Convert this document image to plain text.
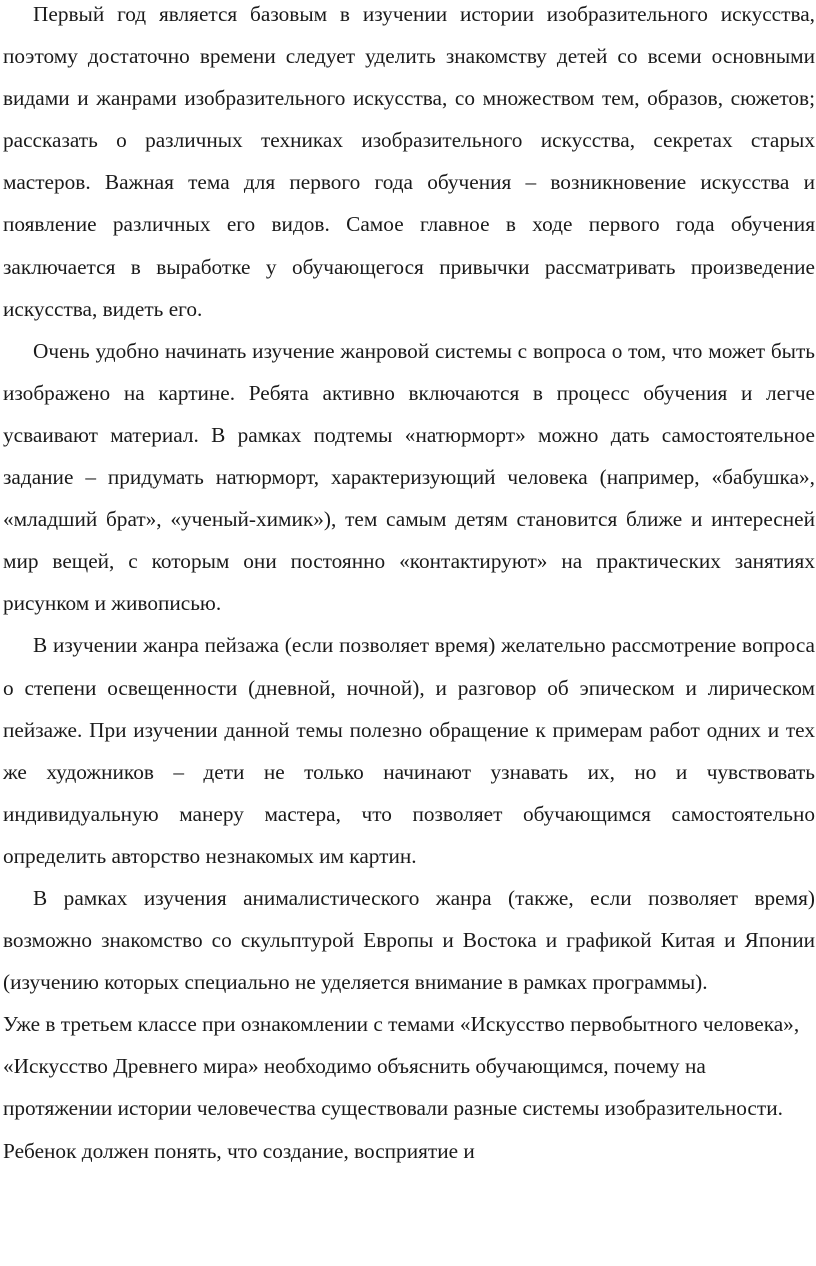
Первый год является базовым в изучении истории изобразительного искусства, поэтому достаточно времени следует уделить знакомству детей со всеми основными видами и жанрами изобразительного искусства, со множеством тем, образов, сюжетов; рассказать о различных техниках изобразительного искусства, секретах старых мастеров. Важная тема для первого года обучения – возникновение искусства и появление различных его видов. Самое главное в ходе первого года обучения заключается в выработке у обучающегося привычки рассматривать произведение искусства, видеть его.

Очень удобно начинать изучение жанровой системы с вопроса о том, что может быть изображено на картине. Ребята активно включаются в процесс обучения и легче усваивают материал. В рамках подтемы «натюрморт» можно дать самостоятельное задание – придумать натюрморт, характеризующий человека (например, «бабушка», «младший брат», «ученый-химик»), тем самым детям становится ближе и интересней мир вещей, с которым они постоянно «контактируют» на практических занятиях рисунком и живописью.

В изучении жанра пейзажа (если позволяет время) желательно рассмотрение вопроса о степени освещенности (дневной, ночной), и разговор об эпическом и лирическом пейзаже. При изучении данной темы полезно обращение к примерам работ одних и тех же художников – дети не только начинают узнавать их, но и чувствовать индивидуальную манеру мастера, что позволяет обучающимся самостоятельно определить авторство незнакомых им картин.

В рамках изучения анималистического жанра (также, если позволяет время) возможно знакомство со скульптурой Европы и Востока и графикой Китая и Японии (изучению которых специально не уделяется внимание в рамках программы).

Уже в третьем классе при ознакомлении с темами «Искусство первобытного человека», «Искусство Древнего мира» необходимо объяснить обучающимся, почему на протяжении истории человечества существовали разные системы изобразительности. Ребенок должен понять, что создание, восприятие и
